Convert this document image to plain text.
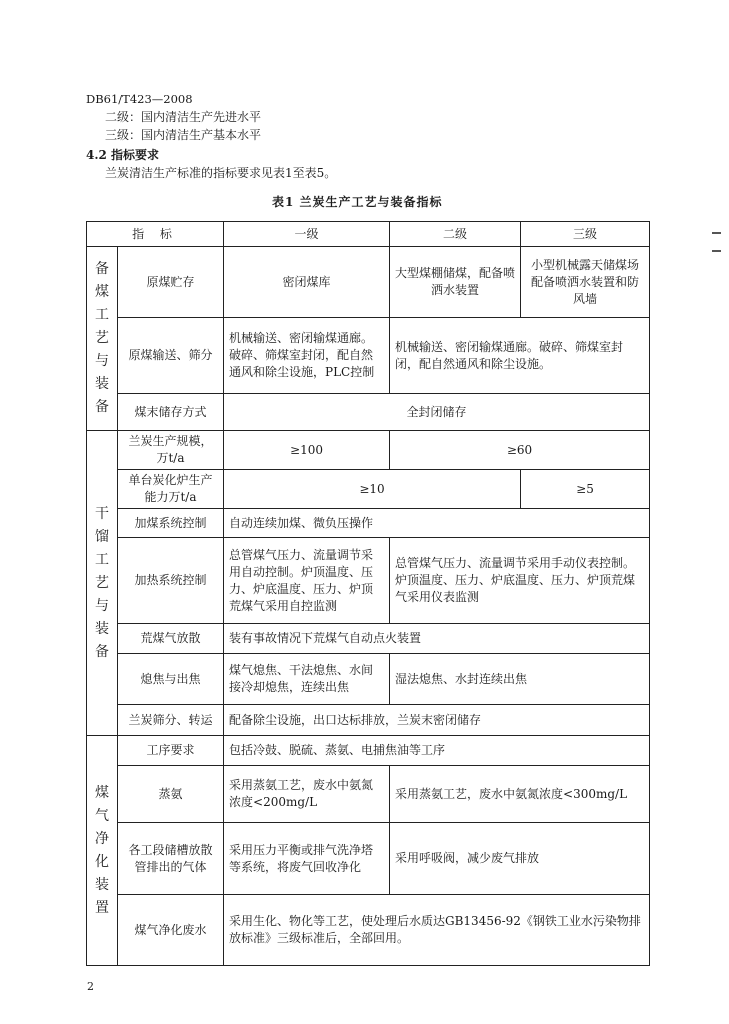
DB61/T423—2008
二级：国内清洁生产先进水平
三级：国内清洁生产基本水平
4.2 指标要求
兰炭清洁生产标准的指标要求见表1至表5。
表1 兰炭生产工艺与装备指标
指 标		一级	二级	三级
备煤工艺与装备	原煤贮存	密闭煤库	大型煤棚储煤，配备喷洒水装置	小型机械露天储煤场配备喷洒水装置和防风墙
	原煤输送、筛分	机械输送、密闭输煤通廊。破碎、筛煤室封闭，配自然通风和除尘设施，PLC控制	机械输送、密闭输煤通廊。破碎、筛煤室封闭，配自然通风和除尘设施。	
	煤末储存方式	全封闭储存		
干馏工艺与装备	兰炭生产规模，万t/a	≥100	≥60	
	单台炭化炉生产能力万t/a	≥10		≥5
	加煤系统控制	自动连续加煤、微负压操作		
	加热系统控制	总管煤气压力、流量调节采用自动控制。炉顶温度、压力、炉底温度、压力、炉顶荒煤气采用自控监测	总管煤气压力、流量调节采用手动仪表控制。炉顶温度、压力、炉底温度、压力、炉顶荒煤气采用仪表监测	
	荒煤气放散	装有事故情况下荒煤气自动点火装置		
	熄焦与出焦	煤气熄焦、干法熄焦、水间接冷却熄焦，连续出焦	湿法熄焦、水封连续出焦	
	兰炭筛分、转运	配备除尘设施，出口达标排放，兰炭末密闭储存		
煤气净化装置	工序要求	包括冷鼓、脱硫、蒸氨、电捕焦油等工序		
	蒸氨	采用蒸氨工艺，废水中氨氮浓度<200mg/L	采用蒸氨工艺，废水中氨氮浓度<300mg/L	
	各工段储槽放散管排出的气体	采用压力平衡或排气洗净塔等系统，将废气回收净化	采用呼吸阀，减少废气排放	
	煤气净化废水	采用生化、物化等工艺，使处理后水质达GB13456-92《钢铁工业水污染物排放标准》三级标准后，全部回用。		
2
